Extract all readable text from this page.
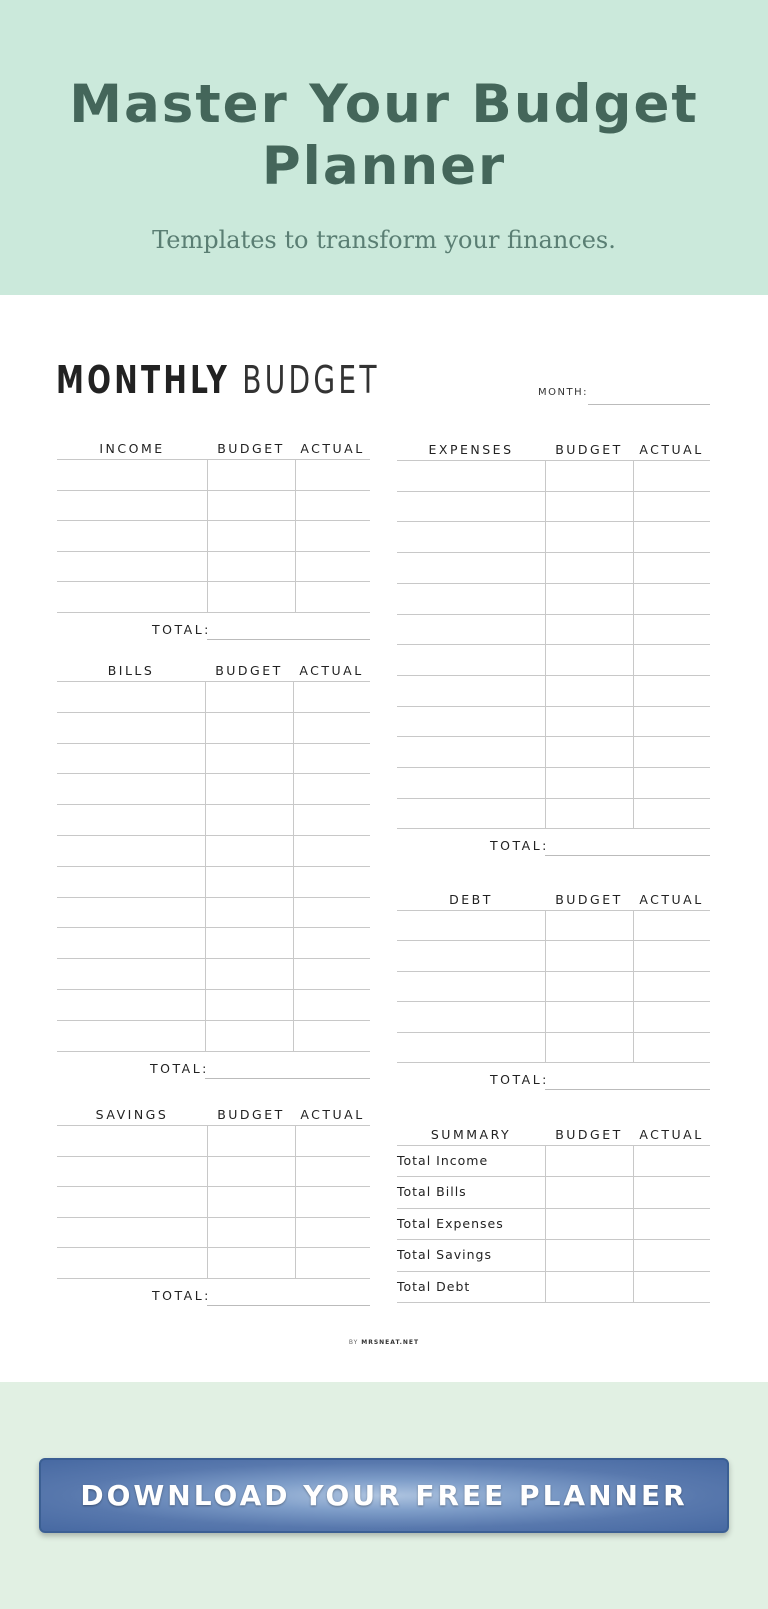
Master Your Budget Planner

Templates to transform your finances.

MONTHLY BUDGET	MONTH:
INCOME	BUDGET	ACTUAL
TOTAL:
BILLS	BUDGET	ACTUAL
TOTAL:
SAVINGS	BUDGET	ACTUAL
TOTAL:
EXPENSES	BUDGET	ACTUAL
TOTAL:
DEBT	BUDGET	ACTUAL
TOTAL:
SUMMARY	BUDGET	ACTUAL
Total Income
Total Bills
Total Expenses
Total Savings
Total Debt
BY MRSNEAT.NET
DOWNLOAD YOUR FREE PLANNER
